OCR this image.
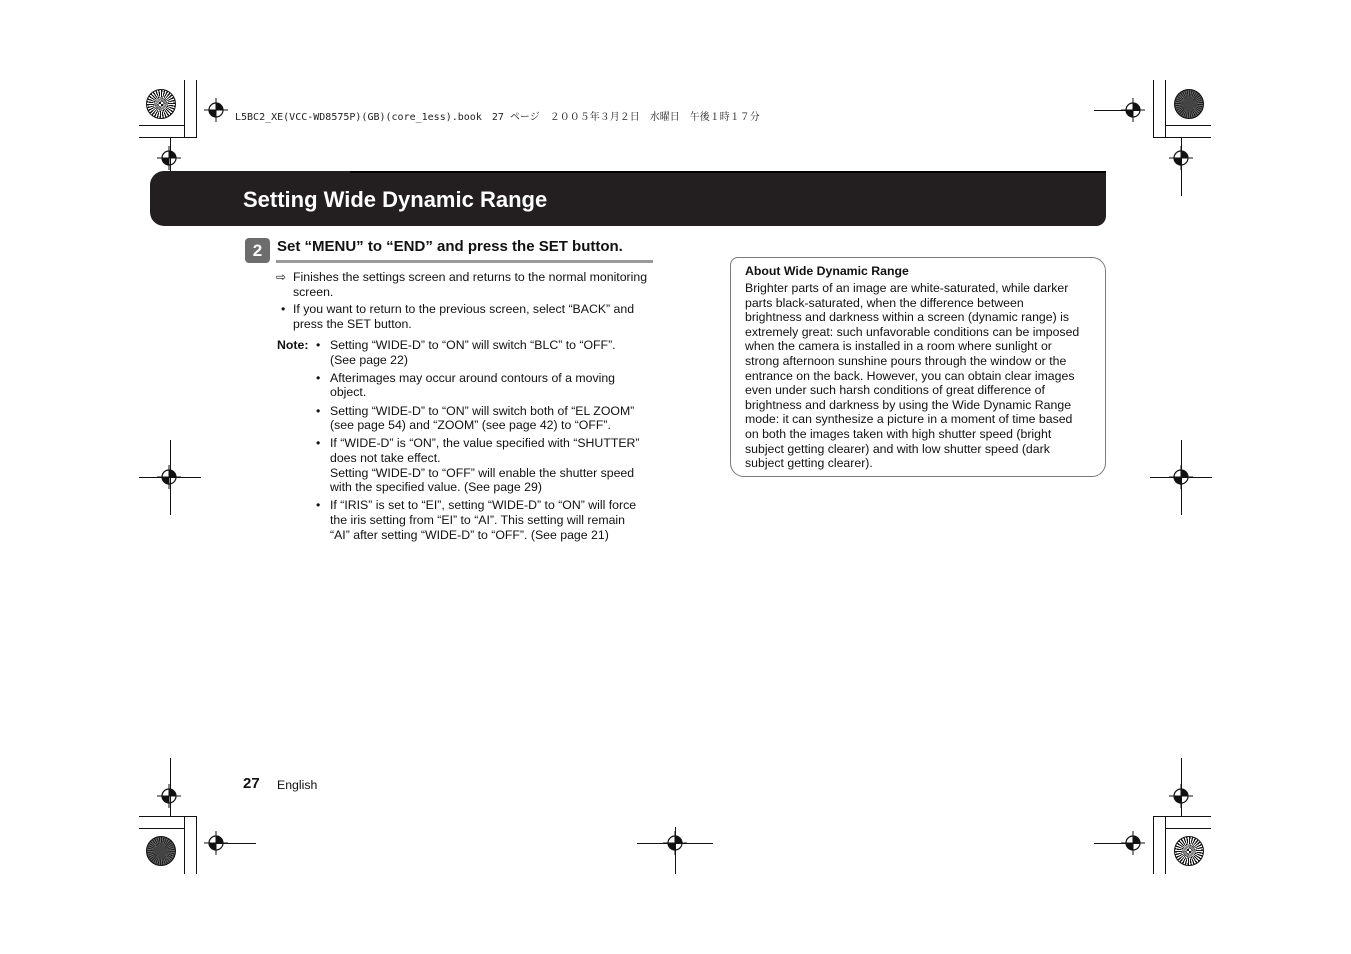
L5BC2_XE(VCC-WD8575P)(GB)(core_1ess).book　27 ページ　２００５年３月２日　水曜日　午後１時１７分
Setting Wide Dynamic Range
2 Set “MENU” to “END” and press the SET button.
⇨ Finishes the settings screen and returns to the normal monitoring screen.
• If you want to return to the previous screen, select “BACK” and press the SET button.
Note: • Setting “WIDE-D” to “ON” will switch “BLC” to “OFF”.
(See page 22)
• Afterimages may occur around contours of a moving
object.
• Setting “WIDE-D” to “ON” will switch both of “EL ZOOM”
(see page 54) and “ZOOM” (see page 42) to “OFF”.
• If “WIDE-D” is “ON”, the value specified with “SHUTTER”
does not take effect.
Setting “WIDE-D” to “OFF” will enable the shutter speed
with the specified value. (See page 29)
• If “IRIS” is set to “EI”, setting “WIDE-D” to “ON” will force
the iris setting from “EI” to “AI”. This setting will remain
“AI” after setting “WIDE-D” to “OFF”. (See page 21)
About Wide Dynamic Range
Brighter parts of an image are white-saturated, while darker
parts black-saturated, when the difference between
brightness and darkness within a screen (dynamic range) is
extremely great: such unfavorable conditions can be imposed
when the camera is installed in a room where sunlight or
strong afternoon sunshine pours through the window or the
entrance on the back. However, you can obtain clear images
even under such harsh conditions of great difference of
brightness and darkness by using the Wide Dynamic Range
mode: it can synthesize a picture in a moment of time based
on both the images taken with high shutter speed (bright
subject getting clearer) and with low shutter speed (dark
subject getting clearer).
27 English
